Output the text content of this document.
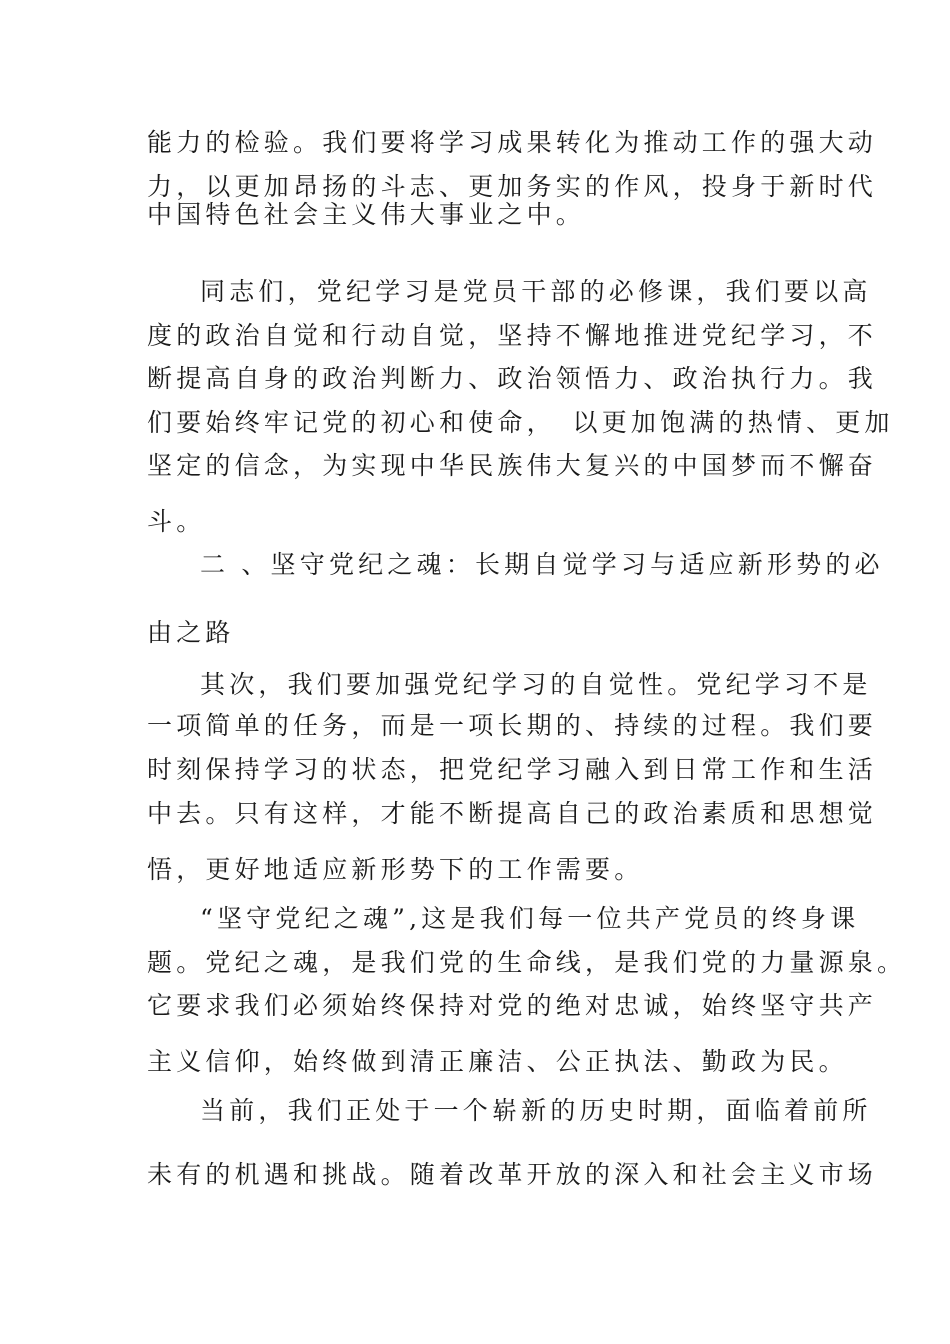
能力的检验。我们要将学习成果转化为推动工作的强大动
力，以更加昂扬的斗志、更加务实的作风，投身于新时代
中国特色社会主义伟大事业之中。
同志们，党纪学习是党员干部的必修课，我们要以高
度的政治自觉和行动自觉，坚持不懈地推进党纪学习，不
断提高自身的政治判断力、政治领悟力、政治执行力。我
们要始终牢记党的初心和使命，　以更加饱满的热情、更加
坚定的信念，为实现中华民族伟大复兴的中国梦而不懈奋
斗。
二 、坚守党纪之魂：长期自觉学习与适应新形势的必
由之路
其次，我们要加强党纪学习的自觉性。党纪学习不是
一项简单的任务，而是一项长期的、持续的过程。我们要
时刻保持学习的状态，把党纪学习融入到日常工作和生活
中去。只有这样，才能不断提高自己的政治素质和思想觉
悟，更好地适应新形势下的工作需要。
“坚守党纪之魂”,这是我们每一位共产党员的终身课
题。党纪之魂，是我们党的生命线，是我们党的力量源泉。
它要求我们必须始终保持对党的绝对忠诚，始终坚守共产
主义信仰，始终做到清正廉洁、公正执法、勤政为民。
当前，我们正处于一个崭新的历史时期，面临着前所
未有的机遇和挑战。随着改革开放的深入和社会主义市场
